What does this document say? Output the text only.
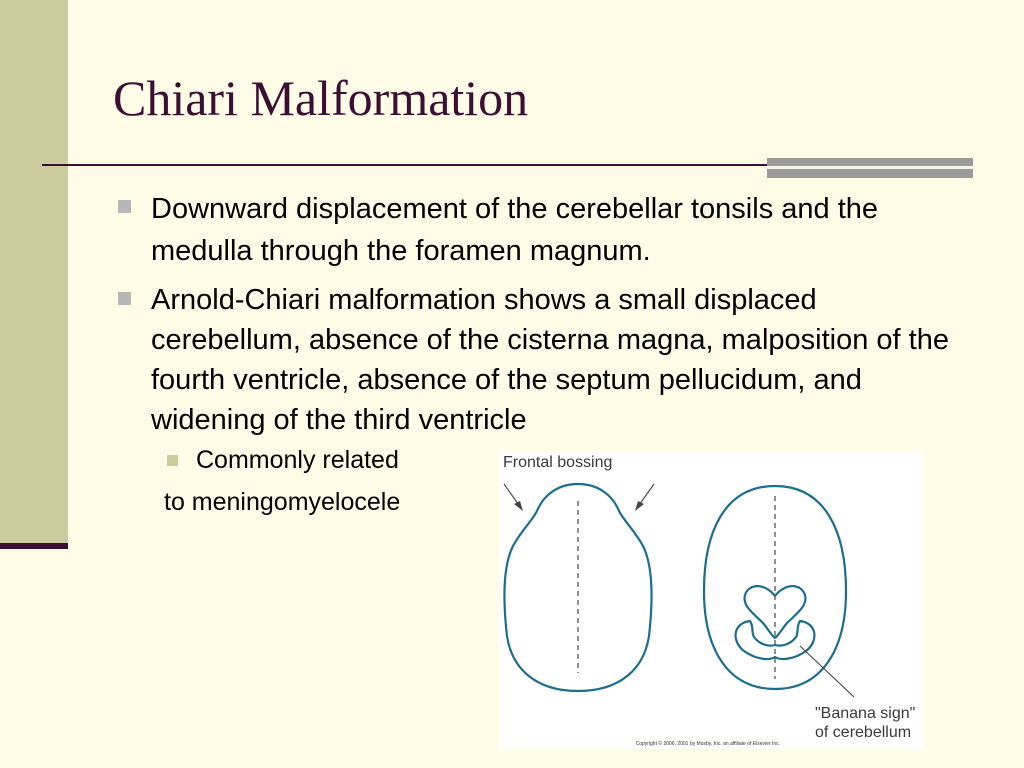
Chiari Malformation
Downward displacement of the cerebellar tonsils and the medulla through the foramen magnum.
Arnold-Chiari malformation shows a small displaced cerebellum, absence of the cisterna magna, malposition of the fourth ventricle, absence of the septum pellucidum, and widening of the third ventricle
Commonly related
to meningomyelocele
Frontal bossing
"Banana sign"
of cerebellum
Copyright © 2006, 2001 by Mosby, Inc. an affiliate of Elsevier Inc.
